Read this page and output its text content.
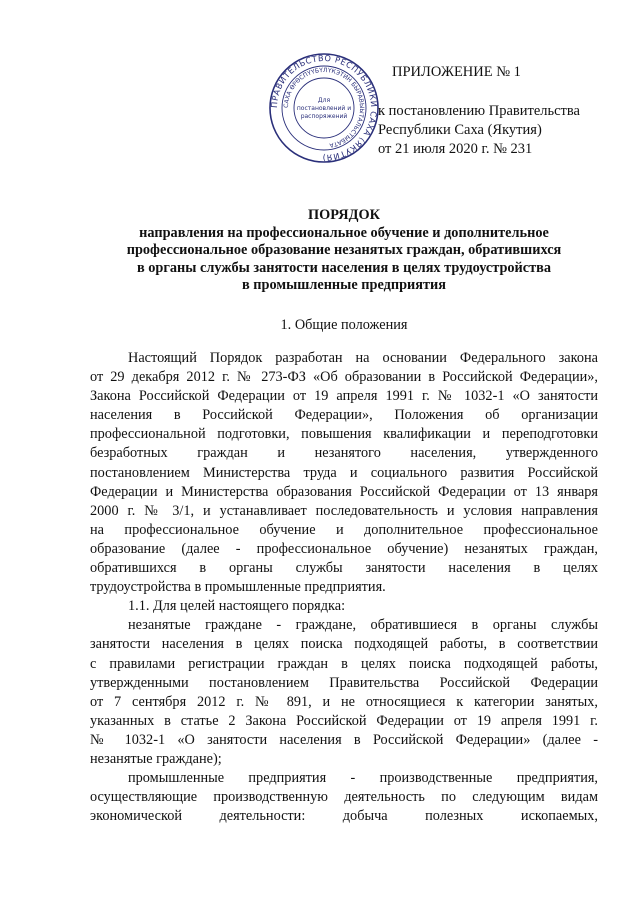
ПРАВИТЕЛЬСТВО РЕСПУБЛИКИ САХА (ЯКУТИЯ)
САХА ӨРӨСПҮҮБҮЛҮКЭТИН БЫРАВЫЫТАЛЬСТЫБАТА
Для
постановлений и
распоряжений
ПРИЛОЖЕНИЕ № 1
к постановлению Правительства
Республики Саха (Якутия)
от 21 июля 2020 г. № 231
ПОРЯДОК
направления на профессиональное обучение и дополнительное
профессиональное образование незанятых граждан, обратившихся
в органы службы занятости населения в целях трудоустройства
в промышленные предприятия
1. Общие положения

Настоящий Порядок разработан на основании Федерального закона

от 29 декабря 2012 г. № 273-ФЗ «Об образовании в Российской Федерации»,

Закона Российской Федерации от 19 апреля 1991 г. № 1032-1 «О занятости

населения в Российской Федерации», Положения об организации

профессиональной подготовки, повышения квалификации и переподготовки

безработных граждан и незанятого населения, утвержденного

постановлением Министерства труда и социального развития Российской

Федерации и Министерства образования Российской Федерации от 13 января

2000 г. № 3/1, и устанавливает последовательность и условия направления

на профессиональное обучение и дополнительное профессиональное

образование (далее - профессиональное обучение) незанятых граждан,

обратившихся в органы службы занятости населения в целях

трудоустройства в промышленные предприятия.

1.1. Для целей настоящего порядка:

незанятые граждане - граждане, обратившиеся в органы службы

занятости населения в целях поиска подходящей работы, в соответствии

с правилами регистрации граждан в целях поиска подходящей работы,

утвержденными постановлением Правительства Российской Федерации

от 7 сентября 2012 г. № 891, и не относящиеся к категории занятых,

указанных в статье 2 Закона Российской Федерации от 19 апреля 1991 г.

№ 1032-1 «О занятости населения в Российской Федерации» (далее -

незанятые граждане);

промышленные предприятия - производственные предприятия,

осуществляющие производственную деятельность по следующим видам

экономической деятельности: добыча полезных ископаемых,
